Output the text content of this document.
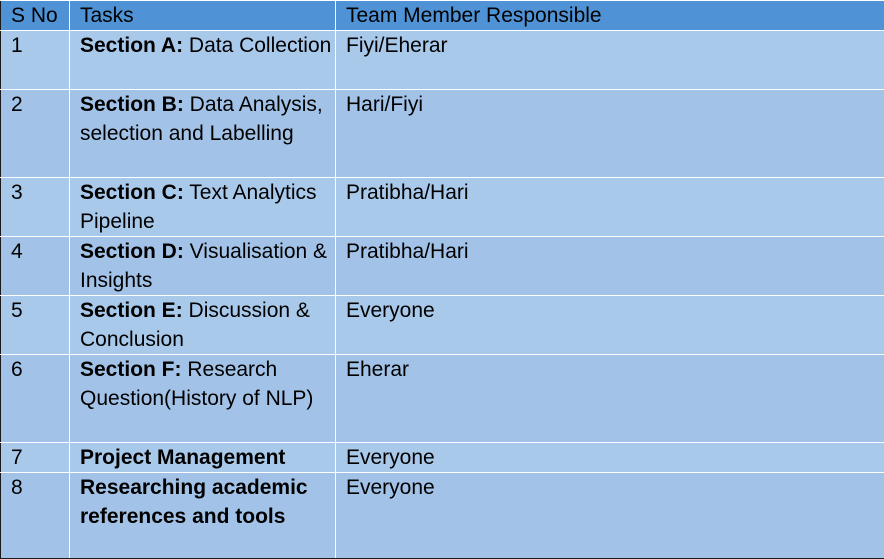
S No	Tasks	Team Member Responsible
1	Section A: Data Collection	Fiyi/Eherar
2	Section B: Data Analysis, selection and Labelling	Hari/Fiyi
3	Section C: Text Analytics Pipeline	Pratibha/Hari
4	Section D: Visualisation & Insights	Pratibha/Hari
5	Section E: Discussion & Conclusion	Everyone
6	Section F: Research Question(History of NLP)	Eherar
7	Project Management	Everyone
8	Researching academic references and tools	Everyone
